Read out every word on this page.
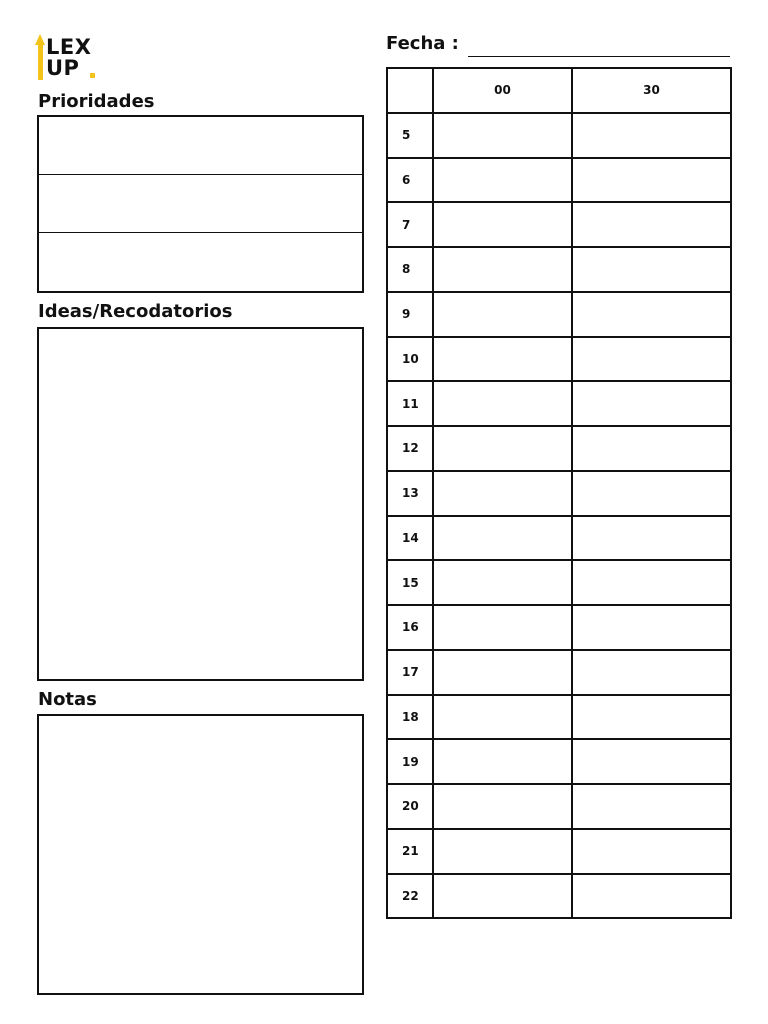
LEX
UP
Prioridades
Ideas/Recodatorios
Notas
Fecha :
	00	30
5		
6		
7		
8		
9		
10		
11		
12		
13		
14		
15		
16		
17		
18		
19		
20		
21		
22		
